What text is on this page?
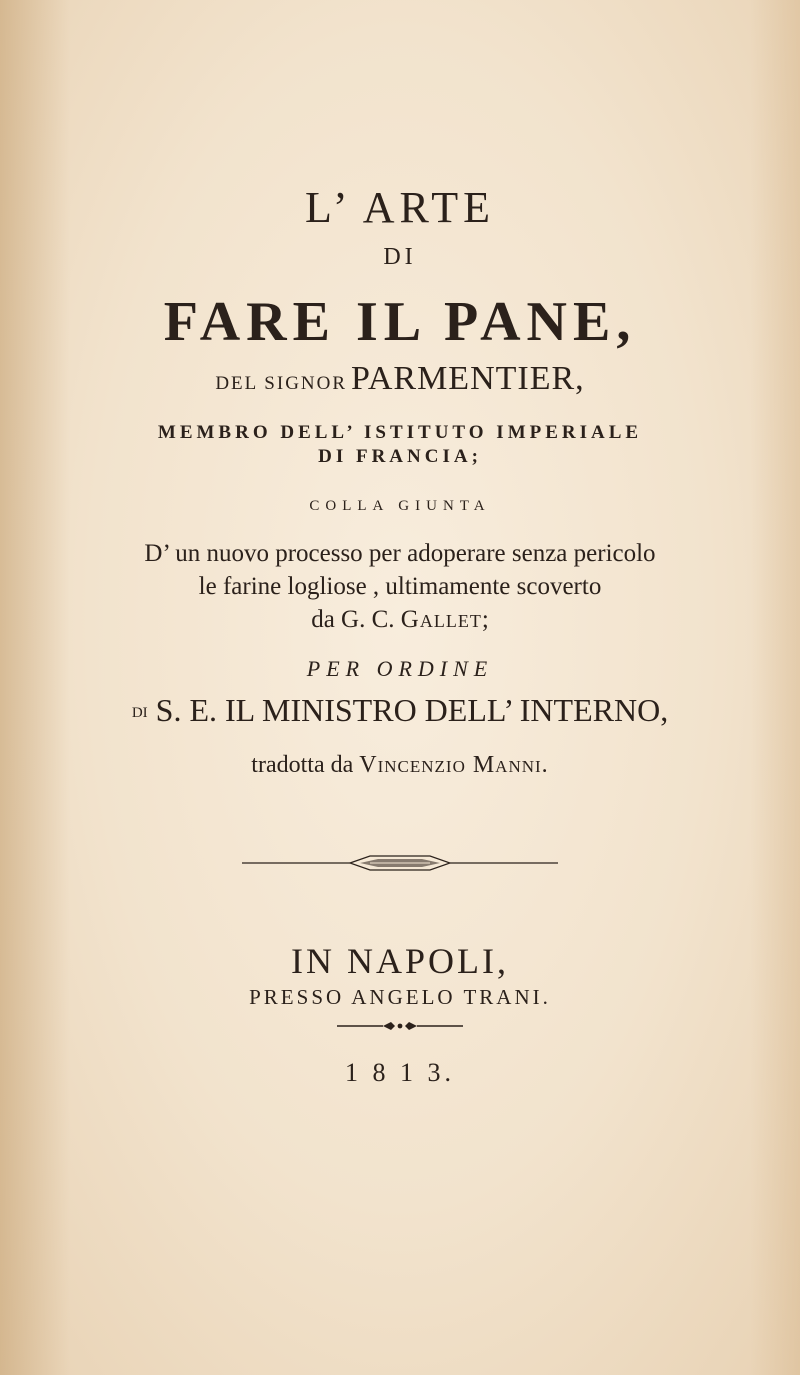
L’ ARTE
DI
FARE IL PANE,
DEL SIGNOR PARMENTIER,
MEMBRO DELL’ ISTITUTO IMPERIALE
DI FRANCIA;
COLLA GIUNTA
D’ un nuovo processo per adoperare senza pericolo
le farine logliose , ultimamente scoverto
da G. C. Gallet;
PER ORDINE
DI S. E. IL MINISTRO DELL’ INTERNO,
tradotta da Vincenzio Manni.
IN NAPOLI,
PRESSO ANGELO TRANI.
1 8 1 3.
